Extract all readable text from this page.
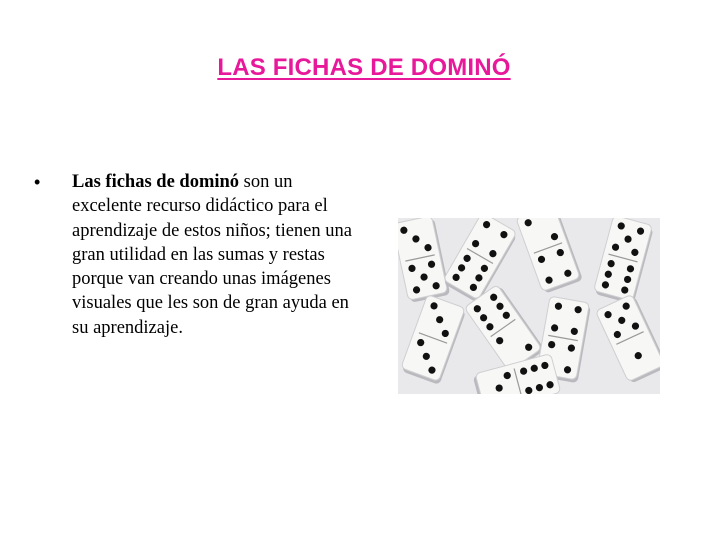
LAS FICHAS DE DOMINÓ
• Las fichas de dominó son un excelente recurso didáctico para el aprendizaje de estos niños; tienen una gran utilidad en las sumas y restas porque van creando unas imágenes visuales que les son de gran ayuda en su aprendizaje.
